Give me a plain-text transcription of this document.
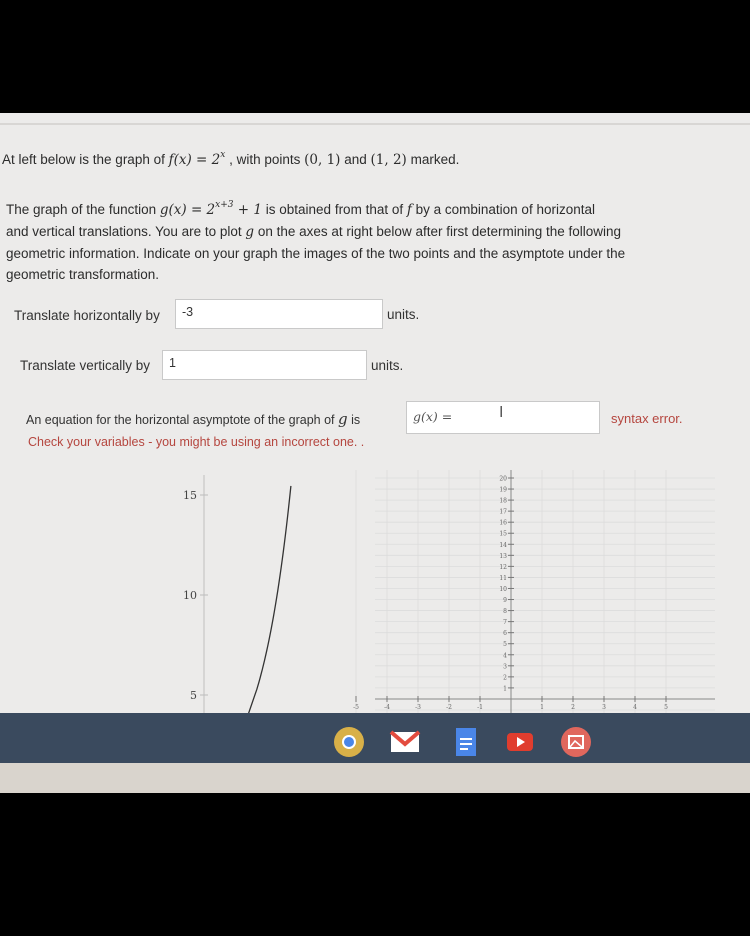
At left below is the graph of $f(x) = 2^x$ , with points (0, 1) and (1, 2) marked.
The graph of the function $g(x) = 2^{x+3} + 1$ is obtained from that of f by a combination of horizontal
and vertical translations. You are to plot g on the axes at right below after first determining the following
geometric information. Indicate on your graph the images of the two points and the asymptote under the
geometric transformation.
Translate horizontally by	-3	units.
Translate vertically by	1	units.
An equation for the horizontal asymptote of the graph of g is	g(x) =	I	syntax error.
Check your variables - you might be using an incorrect one. .
15
10
5
20
19
18
17
16
15
14
13
12
11
10
9
8
7
6
5
4
3
2
1
-5	-4	-3	-2	-1	1	2	3	4	5
